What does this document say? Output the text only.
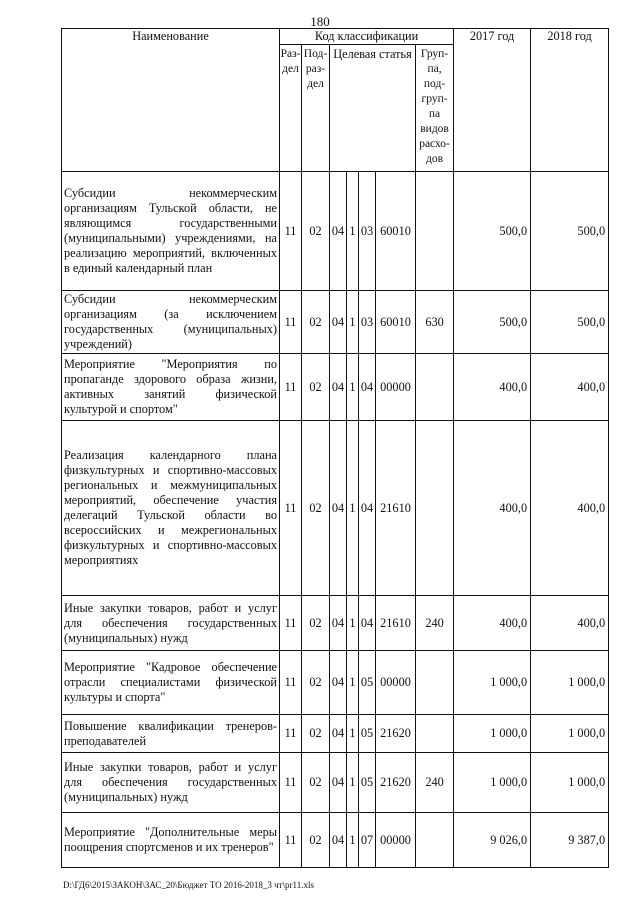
180
Наименование	Код классификации							2017 год	2018 год
	Раз-дел	Под-раз-дел	Целевая статья				Груп-па, под-груп-па видов расхо-дов		
Субсидии некоммерческим организациям Тульской области, не являющимся государственными (муниципальными) учреждениями, на реализацию мероприятий, включенных в единый календарный план	11	02	04	1	03	60010		500,0	500,0
Субсидии некоммерческим организациям (за исключением государственных (муниципальных) учреждений)	11	02	04	1	03	60010	630	500,0	500,0
Мероприятие "Мероприятия по пропаганде здорового образа жизни, активных занятий физической культурой и спортом"	11	02	04	1	04	00000		400,0	400,0
Реализация календарного плана физкультурных и спортивно-массовых региональных и межмуниципальных мероприятий, обеспечение участия делегаций Тульской области во всероссийских и межрегиональных физкультурных и спортивно-массовых мероприятиях	11	02	04	1	04	21610		400,0	400,0
Иные закупки товаров, работ и услуг для обеспечения государственных (муниципальных) нужд	11	02	04	1	04	21610	240	400,0	400,0
Мероприятие "Кадровое обеспечение отрасли специалистами физической культуры и спорта"	11	02	04	1	05	00000		1 000,0	1 000,0
Повышение квалификации тренеров-преподавателей	11	02	04	1	05	21620		1 000,0	1 000,0
Иные закупки товаров, работ и услуг для обеспечения государственных (муниципальных) нужд	11	02	04	1	05	21620	240	1 000,0	1 000,0
Мероприятие "Дополнительные меры поощрения спортсменов и их тренеров"	11	02	04	1	07	00000		9 026,0	9 387,0
D:\ГД6\2015\ЗАКОН\ЗАС_20\Бюджет ТО 2016-2018_3 чт\pr11.xls
